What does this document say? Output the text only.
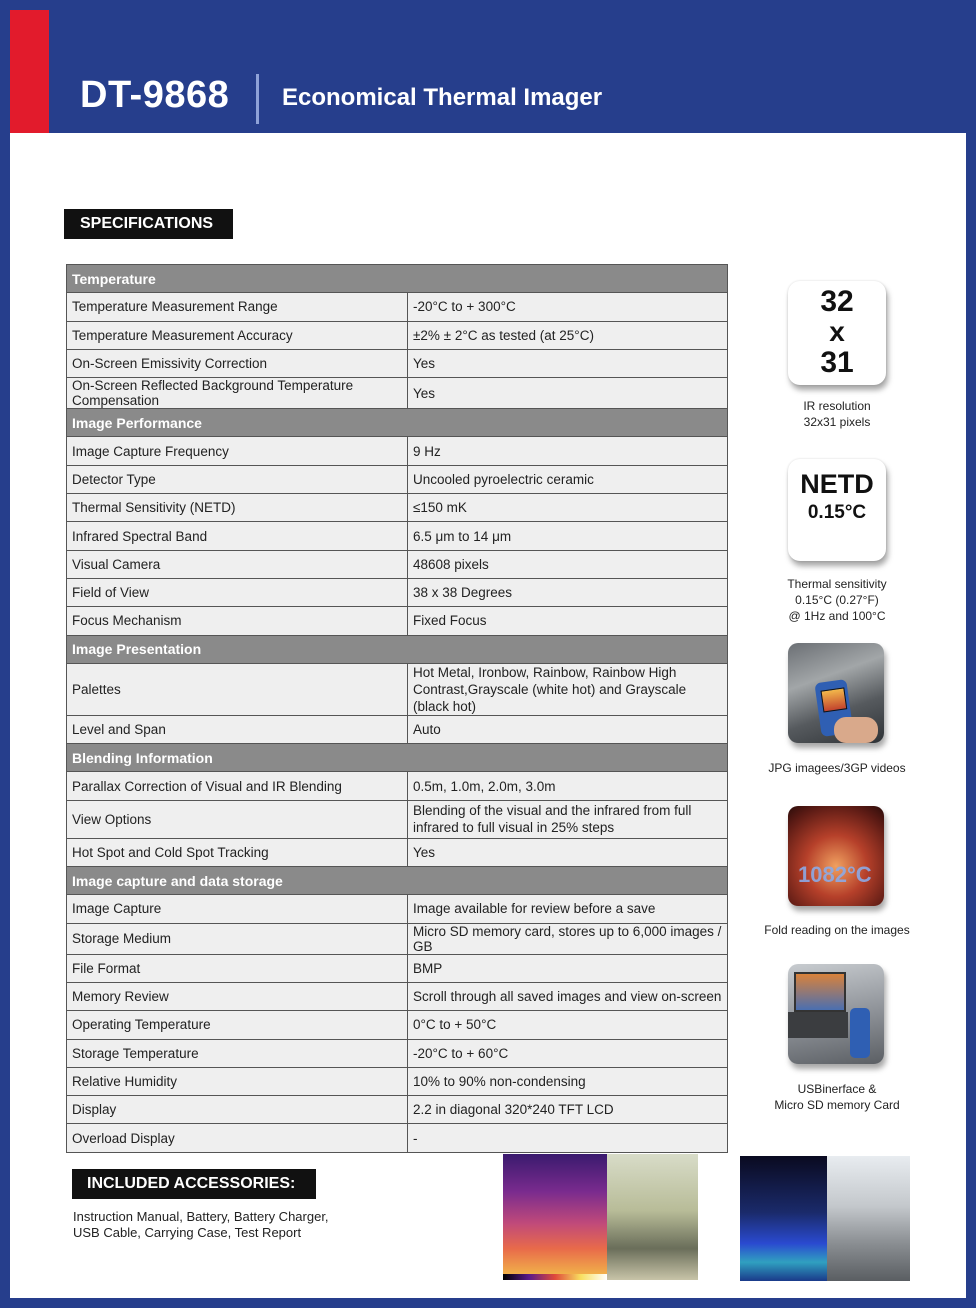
DT-9868 Economical Thermal Imager
SPECIFICATIONS
Temperature	
Temperature Measurement Range	-20°C to + 300°C
Temperature Measurement Accuracy	±2% ± 2°C as tested (at 25°C)
On-Screen Emissivity Correction	Yes
On-Screen Reflected Background Temperature Compensation	Yes
Image Performance	
Image Capture Frequency	9 Hz
Detector Type	Uncooled pyroelectric ceramic
Thermal Sensitivity (NETD)	≤150 mK
Infrared Spectral Band	6.5 μm to 14 μm
Visual Camera	48608 pixels
Field of View	38 x 38 Degrees
Focus Mechanism	Fixed Focus
Image Presentation	
Palettes	Hot Metal, Ironbow, Rainbow, Rainbow High Contrast,Grayscale (white hot) and Grayscale (black hot)
Level and Span	Auto
Blending Information	
Parallax Correction of Visual and IR Blending	0.5m, 1.0m, 2.0m, 3.0m
View Options	Blending of the visual and the infrared from full infrared to full visual in 25% steps
Hot Spot and Cold Spot Tracking	Yes
Image capture and data storage	
Image Capture	Image available for review before a save
Storage Medium	Micro SD memory card, stores up to 6,000 images / GB
File Format	BMP
Memory Review	Scroll through all saved images and view on-screen
Operating Temperature	0°C to + 50°C
Storage Temperature	-20°C to + 60°C
Relative Humidity	10% to 90% non-condensing
Display	2.2 in diagonal 320*240 TFT LCD
Overload Display	-
32
x
31
IR resolution
32x31 pixels
NETD
0.15°C
Thermal sensitivity
0.15°C (0.27°F)
@ 1Hz and 100°C
JPG imagees/3GP videos
1082°C
Fold reading on the images
USBinerface &
Micro SD memory Card
INCLUDED ACCESSORIES:
Instruction Manual, Battery, Battery Charger,
USB Cable, Carrying Case, Test Report
